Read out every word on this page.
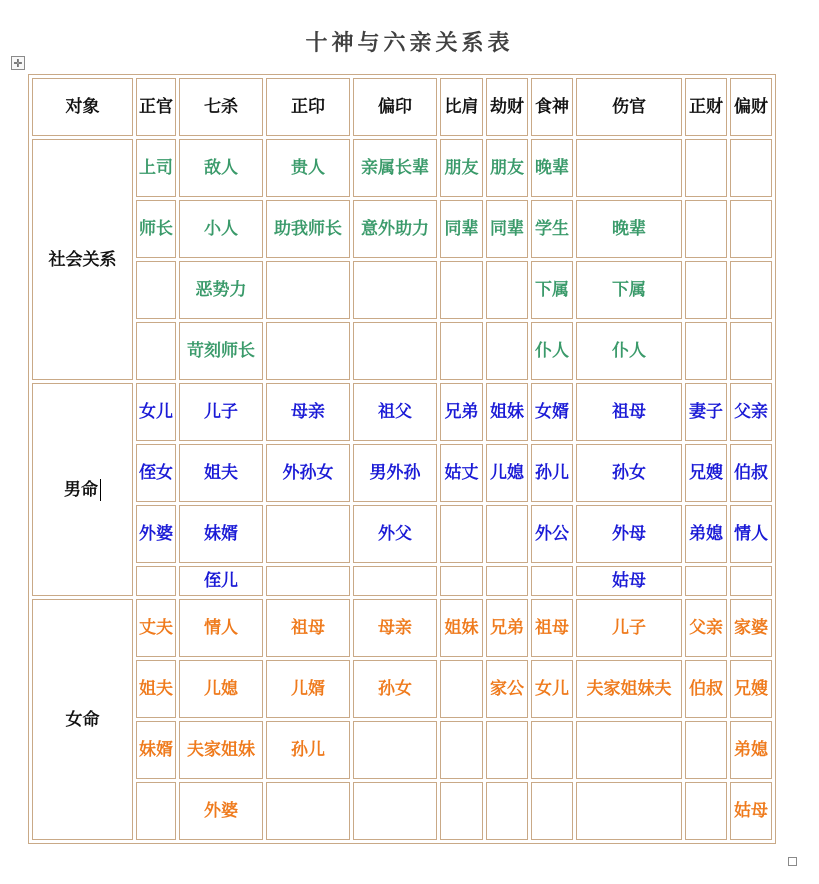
十神与六亲关系表
✛
对象	正官	七杀	正印	偏印	比肩	劫财	食神	伤官	正财	偏财
社会关系	上司	敌人	贵人	亲属长辈	朋友	朋友	晚辈			
	师长	小人	助我师长	意外助力	同辈	同辈	学生	晚辈		
		恶势力					下属	下属		
		苛刻师长					仆人	仆人		
男命	女儿	儿子	母亲	祖父	兄弟	姐妹	女婿	祖母	妻子	父亲
	侄女	姐夫	外孙女	男外孙	姑丈	儿媳	孙儿	孙女	兄嫂	伯叔
	外婆	妹婿		外父			外公	外母	弟媳	情人
		侄儿						姑母		
女命	丈夫	情人	祖母	母亲	姐妹	兄弟	祖母	儿子	父亲	家婆
	姐夫	儿媳	儿婿	孙女		家公	女儿	夫家姐妹夫	伯叔	兄嫂
	妹婿	夫家姐妹	孙儿							弟媳
		外婆								姑母
